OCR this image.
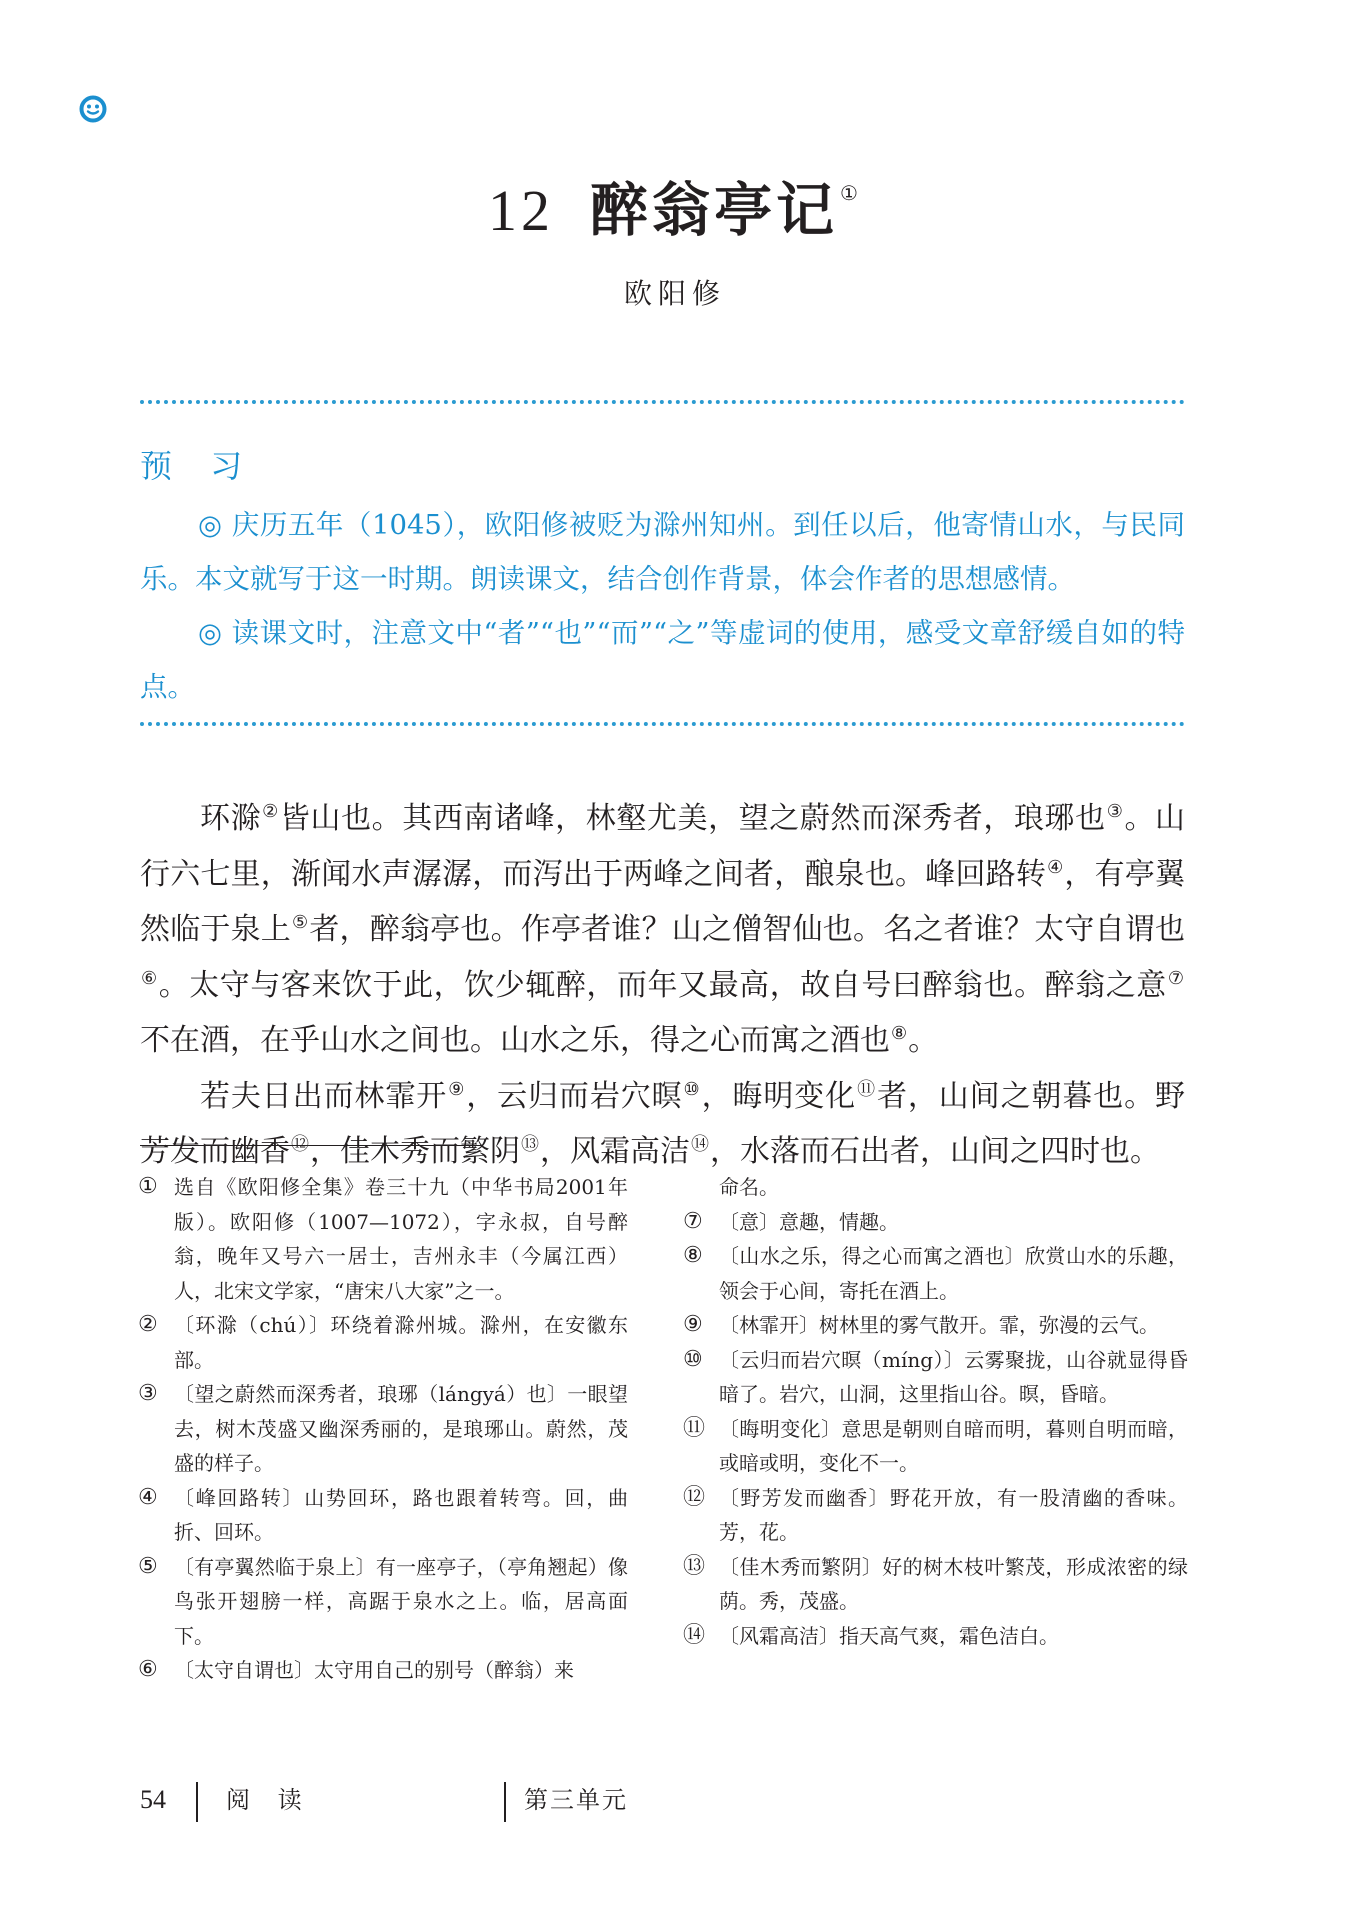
12 醉翁亭记 ①
欧阳修
预 习

◎ 庆历五年（1045），欧阳修被贬为滁州知州。到任以后，他寄情山水，与民同乐。本文就写于这一时期。朗读课文，结合创作背景，体会作者的思想感情。

◎ 读课文时，注意文中“者”“也”“而”“之”等虚词的使用，感受文章舒缓自如的特点。

环滁②皆山也。其西南诸峰，林壑尤美，望之蔚然而深秀者，琅琊也③。山行六七里，渐闻水声潺潺，而泻出于两峰之间者，酿泉也。峰回路转④，有亭翼然临于泉上⑤者，醉翁亭也。作亭者谁？山之僧智仙也。名之者谁？太守自谓也⑥。太守与客来饮于此，饮少辄醉，而年又最高，故自号曰醉翁也。醉翁之意⑦不在酒，在乎山水之间也。山水之乐，得之心而寓之酒也⑧。

若夫日出而林霏开⑨，云归而岩穴暝⑩，晦明变化⑪者，山间之朝暮也。野芳发而幽香⑫，佳木秀而繁阴⑬，风霜高洁⑭，水落而石出者，山间之四时也。

① 选自《欧阳修全集》卷三十九（中华书局2001年版）。欧阳修（1007—1072），字永叔，自号醉翁，晚年又号六一居士，吉州永丰（今属江西）人，北宋文学家，“唐宋八大家”之一。
② 〔环滁（chú）〕环绕着滁州城。滁州，在安徽东部。
③ 〔望之蔚然而深秀者，琅琊（lángyá）也〕一眼望去，树木茂盛又幽深秀丽的，是琅琊山。蔚然，茂盛的样子。
④ 〔峰回路转〕山势回环，路也跟着转弯。回，曲折、回环。
⑤ 〔有亭翼然临于泉上〕有一座亭子，（亭角翘起）像鸟张开翅膀一样，高踞于泉水之上。临，居高面下。
⑥ 〔太守自谓也〕太守用自己的别号（醉翁）来
命名。
⑦ 〔意〕意趣，情趣。
⑧ 〔山水之乐，得之心而寓之酒也〕欣赏山水的乐趣，领会于心间，寄托在酒上。
⑨ 〔林霏开〕树林里的雾气散开。霏，弥漫的云气。
⑩ 〔云归而岩穴暝（míng）〕云雾聚拢，山谷就显得昏暗了。岩穴，山洞，这里指山谷。暝，昏暗。
⑪ 〔晦明变化〕意思是朝则自暗而明，暮则自明而暗，或暗或明，变化不一。
⑫ 〔野芳发而幽香〕野花开放，有一股清幽的香味。芳，花。
⑬ 〔佳木秀而繁阴〕好的树木枝叶繁茂，形成浓密的绿荫。秀，茂盛。
⑭ 〔风霜高洁〕指天高气爽，霜色洁白。
54	阅 读	第三单元
